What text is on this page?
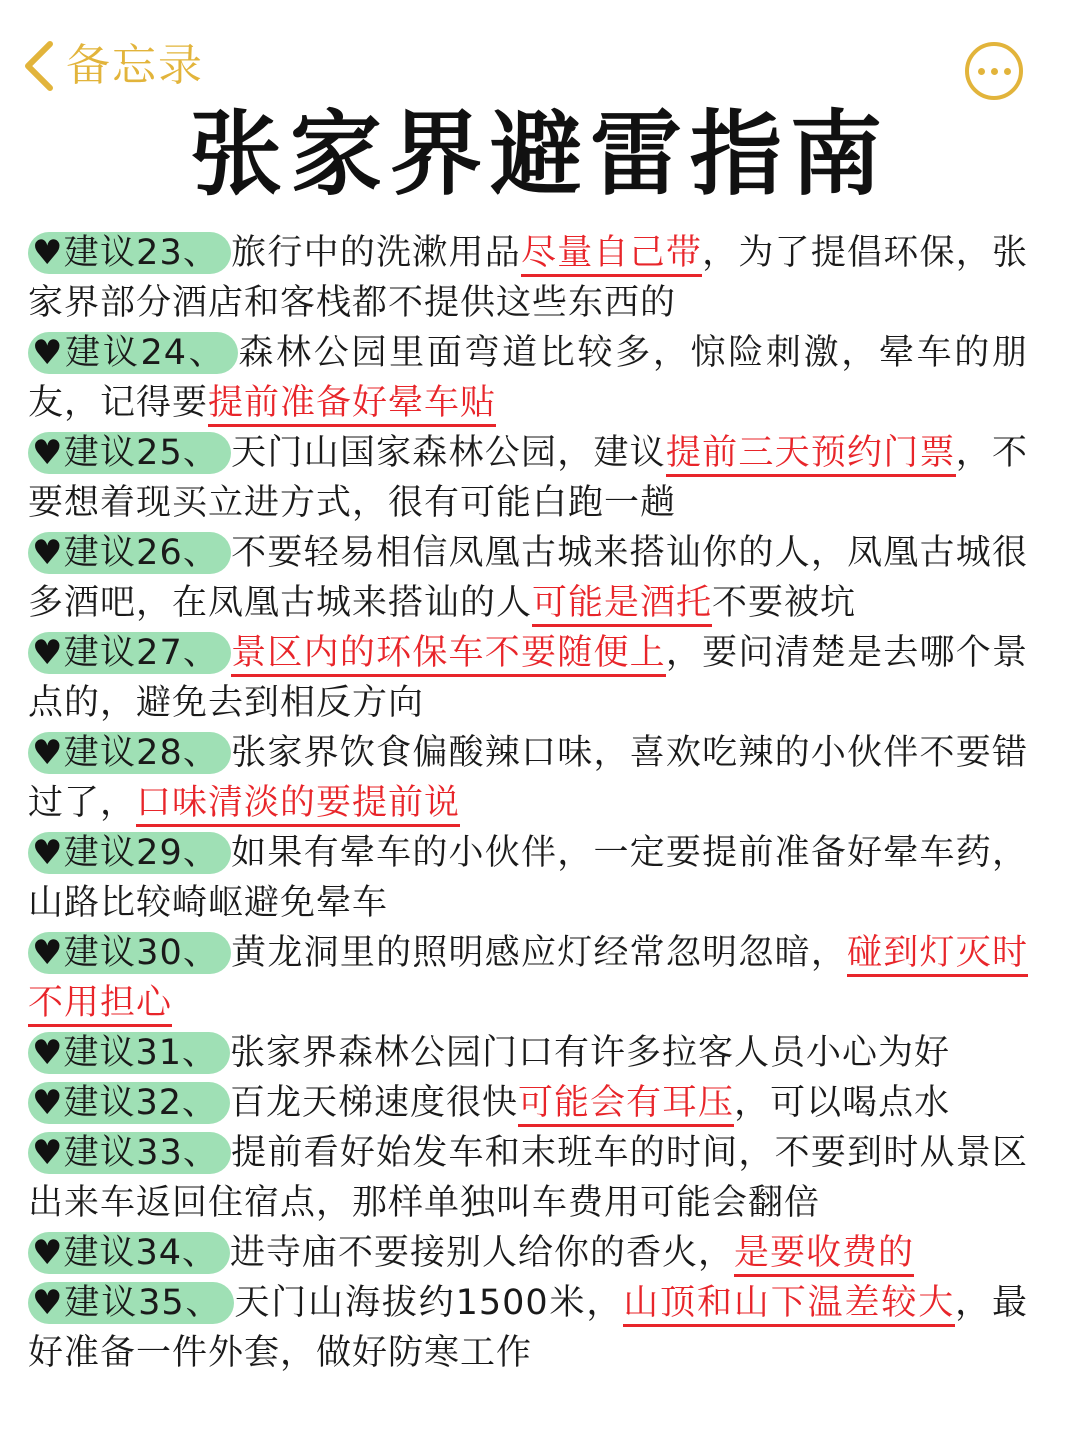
备忘录
张家界避雷指南
♥建议23、 旅行中的洗漱用品尽量自己带，为了提倡环保，张家界部分酒店和客栈都不提供这些东西的
♥建议24、 森林公园里面弯道比较多，惊险刺激，晕车的朋友，记得要提前准备好晕车贴
♥建议25、 天门山国家森林公园，建议提前三天预约门票，不要想着现买立进方式，很有可能白跑一趟
♥建议26、 不要轻易相信凤凰古城来搭讪你的人，凤凰古城很多酒吧，在凤凰古城来搭讪的人可能是酒托不要被坑
♥建议27、 景区内的环保车不要随便上，要问清楚是去哪个景点的，避免去到相反方向
♥建议28、 张家界饮食偏酸辣口味，喜欢吃辣的小伙伴不要错过了，口味清淡的要提前说
♥建议29、 如果有晕车的小伙伴，一定要提前准备好晕车药，山路比较崎岖避免晕车
♥建议30、 黄龙洞里的照明感应灯经常忽明忽暗，碰到灯灭时不用担心
♥建议31、 张家界森林公园门口有许多拉客人员小心为好
♥建议32、 百龙天梯速度很快可能会有耳压，可以喝点水
♥建议33、 提前看好始发车和末班车的时间，不要到时从景区出来车返回住宿点，那样单独叫车费用可能会翻倍
♥建议34、 进寺庙不要接别人给你的香火，是要收费的
♥建议35、 天门山海拔约1500米，山顶和山下温差较大，最好准备一件外套，做好防寒工作
